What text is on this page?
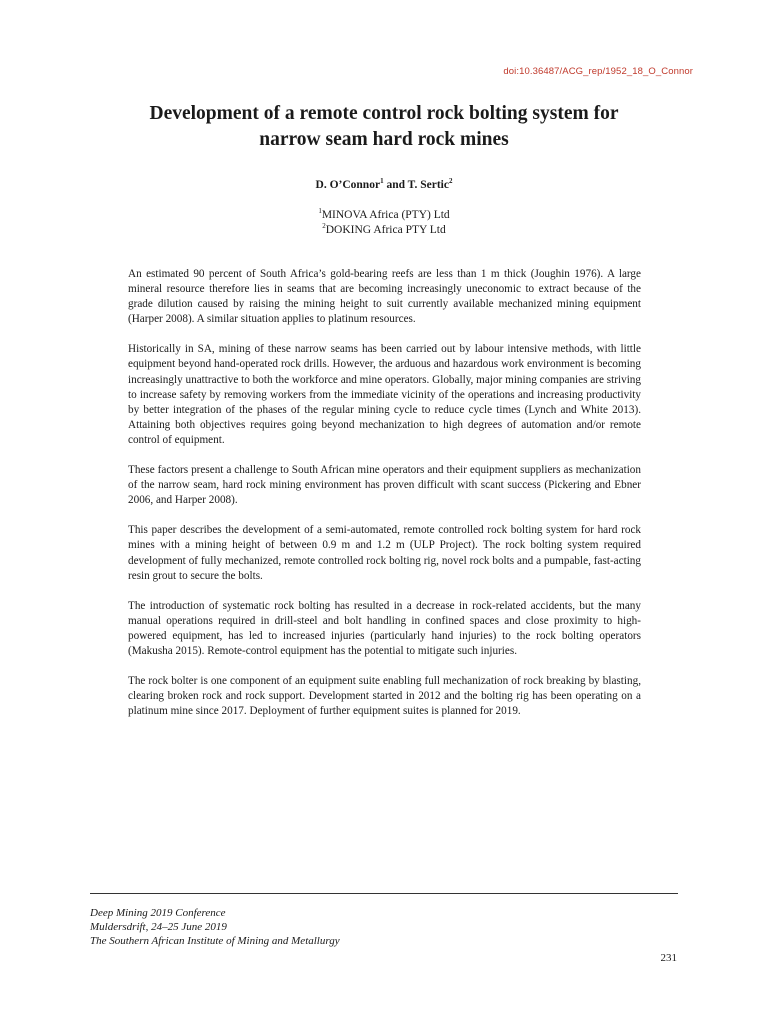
doi:10.36487/ACG_rep/1952_18_O_Connor
Development of a remote control rock bolting system for
narrow seam hard rock mines
D. O’Connor$^1$ and T. Sertic$^2$
$^1$MINOVA Africa (PTY) Ltd
$^2$DOKING Africa PTY Ltd

An estimated 90 percent of South Africa’s gold-bearing reefs are less than 1 m thick (Joughin 1976). A large mineral resource therefore lies in seams that are becoming increasingly uneconomic to extract because of the grade dilution caused by raising the mining height to suit currently available mechanized mining equipment (Harper 2008). A similar situation applies to platinum resources.

Historically in SA, mining of these narrow seams has been carried out by labour intensive methods, with little equipment beyond hand-operated rock drills. However, the arduous and hazardous work environment is becoming increasingly unattractive to both the workforce and mine operators. Globally, major mining companies are striving to increase safety by removing workers from the immediate vicinity of the operations and increasing productivity by better integration of the phases of the regular mining cycle to reduce cycle times (Lynch and White 2013). Attaining both objectives requires going beyond mechanization to high degrees of automation and/or remote control of equipment.

These factors present a challenge to South African mine operators and their equipment suppliers as mechanization of the narrow seam, hard rock mining environment has proven difficult with scant success (Pickering and Ebner 2006, and Harper 2008).

This paper describes the development of a semi-automated, remote controlled rock bolting system for hard rock mines with a mining height of between 0.9 m and 1.2 m (ULP Project). The rock bolting system required development of fully mechanized, remote controlled rock bolting rig, novel rock bolts and a pumpable, fast-acting resin grout to secure the bolts.

The introduction of systematic rock bolting has resulted in a decrease in rock-related accidents, but the many manual operations required in drill-steel and bolt handling in confined spaces and close proximity to high-powered equipment, has led to increased injuries (particularly hand injuries) to the rock bolting operators (Makusha 2015). Remote-control equipment has the potential to mitigate such injuries.

The rock bolter is one component of an equipment suite enabling full mechanization of rock breaking by blasting, clearing broken rock and rock support. Development started in 2012 and the bolting rig has been operating on a platinum mine since 2017. Deployment of further equipment suites is planned for 2019.

Deep Mining 2019 Conference
Muldersdrift, 24–25 June 2019
The Southern African Institute of Mining and Metallurgy
231
